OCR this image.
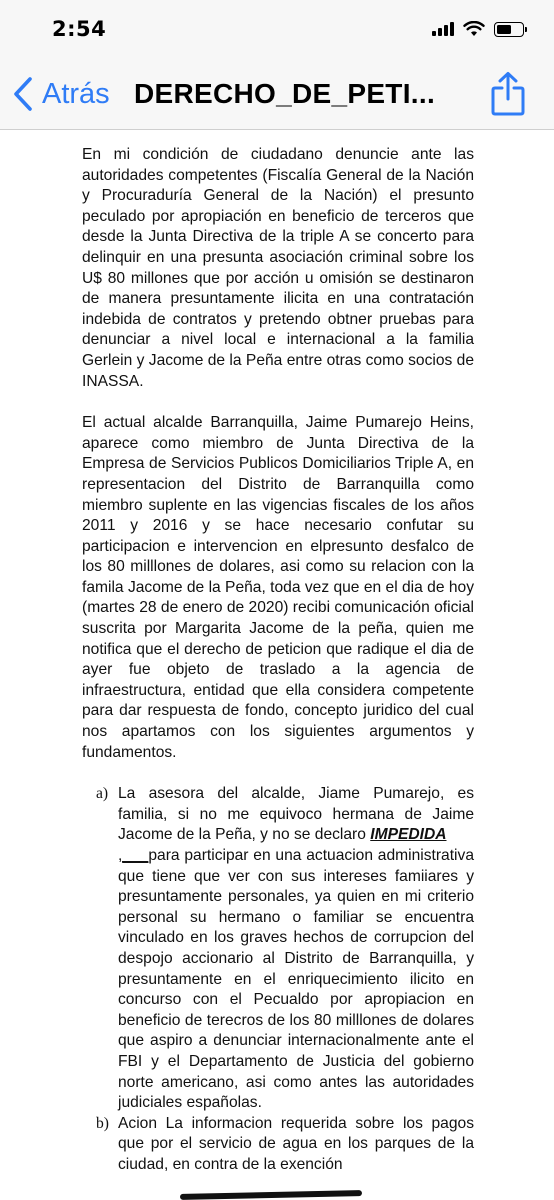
2:54
Atrás DERECHO_DE_PETI...

En mi condición de ciudadano denuncie ante las autoridades competentes (Fiscalía General de la Nación y Procuraduría General de la Nación) el presunto peculado por apropiación en beneficio de terceros que desde la Junta Directiva de la triple A se concerto para delinquir en una presunta asociación criminal sobre los U$ 80 millones que por acción u omisión se destinaron de manera presuntamente ilicita en una contratación indebida de contratos y pretendo obtner pruebas para denunciar a nivel local e internacional a la familia Gerlein y Jacome de la Peña entre otras como socios de INASSA.

El actual alcalde Barranquilla, Jaime Pumarejo Heins, aparece como miembro de Junta Directiva de la Empresa de Servicios Publicos Domiciliarios Triple A, en representacion del Distrito de Barranquilla como miembro suplente en las vigencias fiscales de los años 2011 y 2016 y se hace necesario confutar su participacion e intervencion en elpresunto desfalco de los 80 milllones de dolares, asi como su relacion con la famila Jacome de la Peña, toda vez que en el dia de hoy (martes 28 de enero de 2020) recibi comunicación oficial suscrita por Margarita Jacome de la peña, quien me notifica que el derecho de peticion que radique el dia de ayer fue objeto de traslado a la agencia de infraestructura, entidad que ella considera competente para dar respuesta de fondo, concepto juridico del cual nos apartamos con los siguientes argumentos y fundamentos.

a) La asesora del alcalde, Jiame Pumarejo, es familia, si no me equivoco hermana de Jaime Jacome de la Peña, y no se declaro IMPEDIDA
,___para participar en una actuacion administrativa que tiene que ver con sus intereses famiiares y presuntamente personales, ya quien en mi criterio personal su hermano o familiar se encuentra vinculado en los graves hechos de corrupcion del despojo accionario al Distrito de Barranquilla, y presuntamente en el enriquecimiento ilicito en concurso con el Pecualdo por apropiacion en beneficio de terecros de los 80 milllones de dolares que aspiro a denunciar internacionalmente ante el FBI y el Departamento de Justicia del gobierno norte americano, asi como antes las autoridades judiciales españolas.
b) Acion La informacion requerida sobre los pagos que por el servicio de agua en los parques de la ciudad, en contra de la exención
